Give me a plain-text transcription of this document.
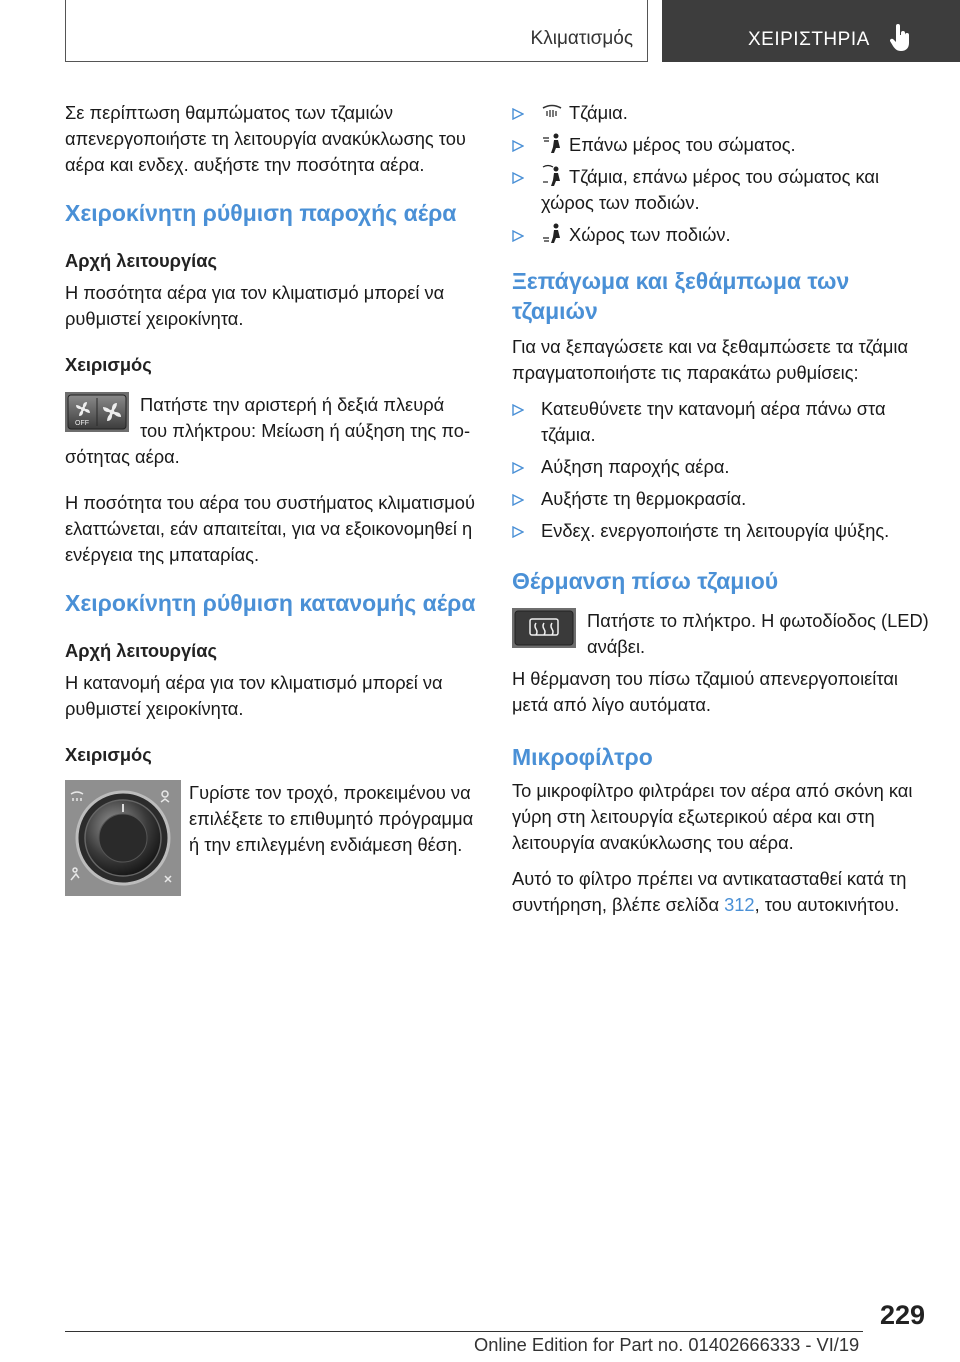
Κλιματισμός	ΧΕΙΡΙΣΤΗΡΙΑ

Σε περίπτωση θαμπώματος των τζαμιών απενεργοποιήστε τη λειτουργία ανακύκλωσης του αέρα και ενδεχ. αυξήστε την ποσότητα αέρα.

Χειροκίνητη ρύθμιση παροχής αέρα
Αρχή λειτουργίας

Η ποσότητα αέρα για τον κλιματισμό μπορεί να ρυθμιστεί χειροκίνητα.

Χειρισμός
OFF

Πατήστε την αριστερή ή δεξιά πλευρά

του πλήκτρου: Μείωση ή αύξηση της πο-

σότητας αέρα.

Η ποσότητα του αέρα του συστήματος κλιματισμού ελαττώνεται, εάν απαιτείται, για να εξοικονομηθεί η ενέργεια της μπαταρίας.

Χειροκίνητη ρύθμιση κατανομής αέρα
Αρχή λειτουργίας

Η κατανομή αέρα για τον κλιματισμό μπορεί να ρυθμιστεί χειροκίνητα.

Χειρισμός

Γυρίστε τον τροχό, προκειμένου να επιλέξετε το επιθυμητό πρόγραμμα ή την επιλεγμένη ενδιάμεση θέση.

Τζάμια.
Επάνω μέρος του σώματος.
Τζάμια, επάνω μέρος του σώματος και χώρος των ποδιών.
Χώρος των ποδιών.
Ξεπάγωμα και ξεθάμπωμα των τζαμιών

Για να ξεπαγώσετε και να ξεθαμπώσετε τα τζάμια πραγματοποιήστε τις παρακάτω ρυθμίσεις:

Κατευθύνετε την κατανομή αέρα πάνω στα τζάμια.
Αύξηση παροχής αέρα.
Αυξήστε τη θερμοκρασία.
Ενδεχ. ενεργοποιήστε τη λειτουργία ψύξης.
Θέρμανση πίσω τζαμιού

Πατήστε το πλήκτρο. Η φωτοδίοδος (LED) ανάβει.

Η θέρμανση του πίσω τζαμιού απενεργοποιείται μετά από λίγο αυτόματα.

Μικροφίλτρο

Το μικροφίλτρο φιλτράρει τον αέρα από σκόνη και γύρη στη λειτουργία εξωτερικού αέρα και στη λειτουργία ανακύκλωσης του αέρα.

Αυτό το φίλτρο πρέπει να αντικατασταθεί κατά τη συντήρηση, βλέπε σελίδα 312, του αυτοκινήτου.

229
Online Edition for Part no. 01402666333 - VI/19
